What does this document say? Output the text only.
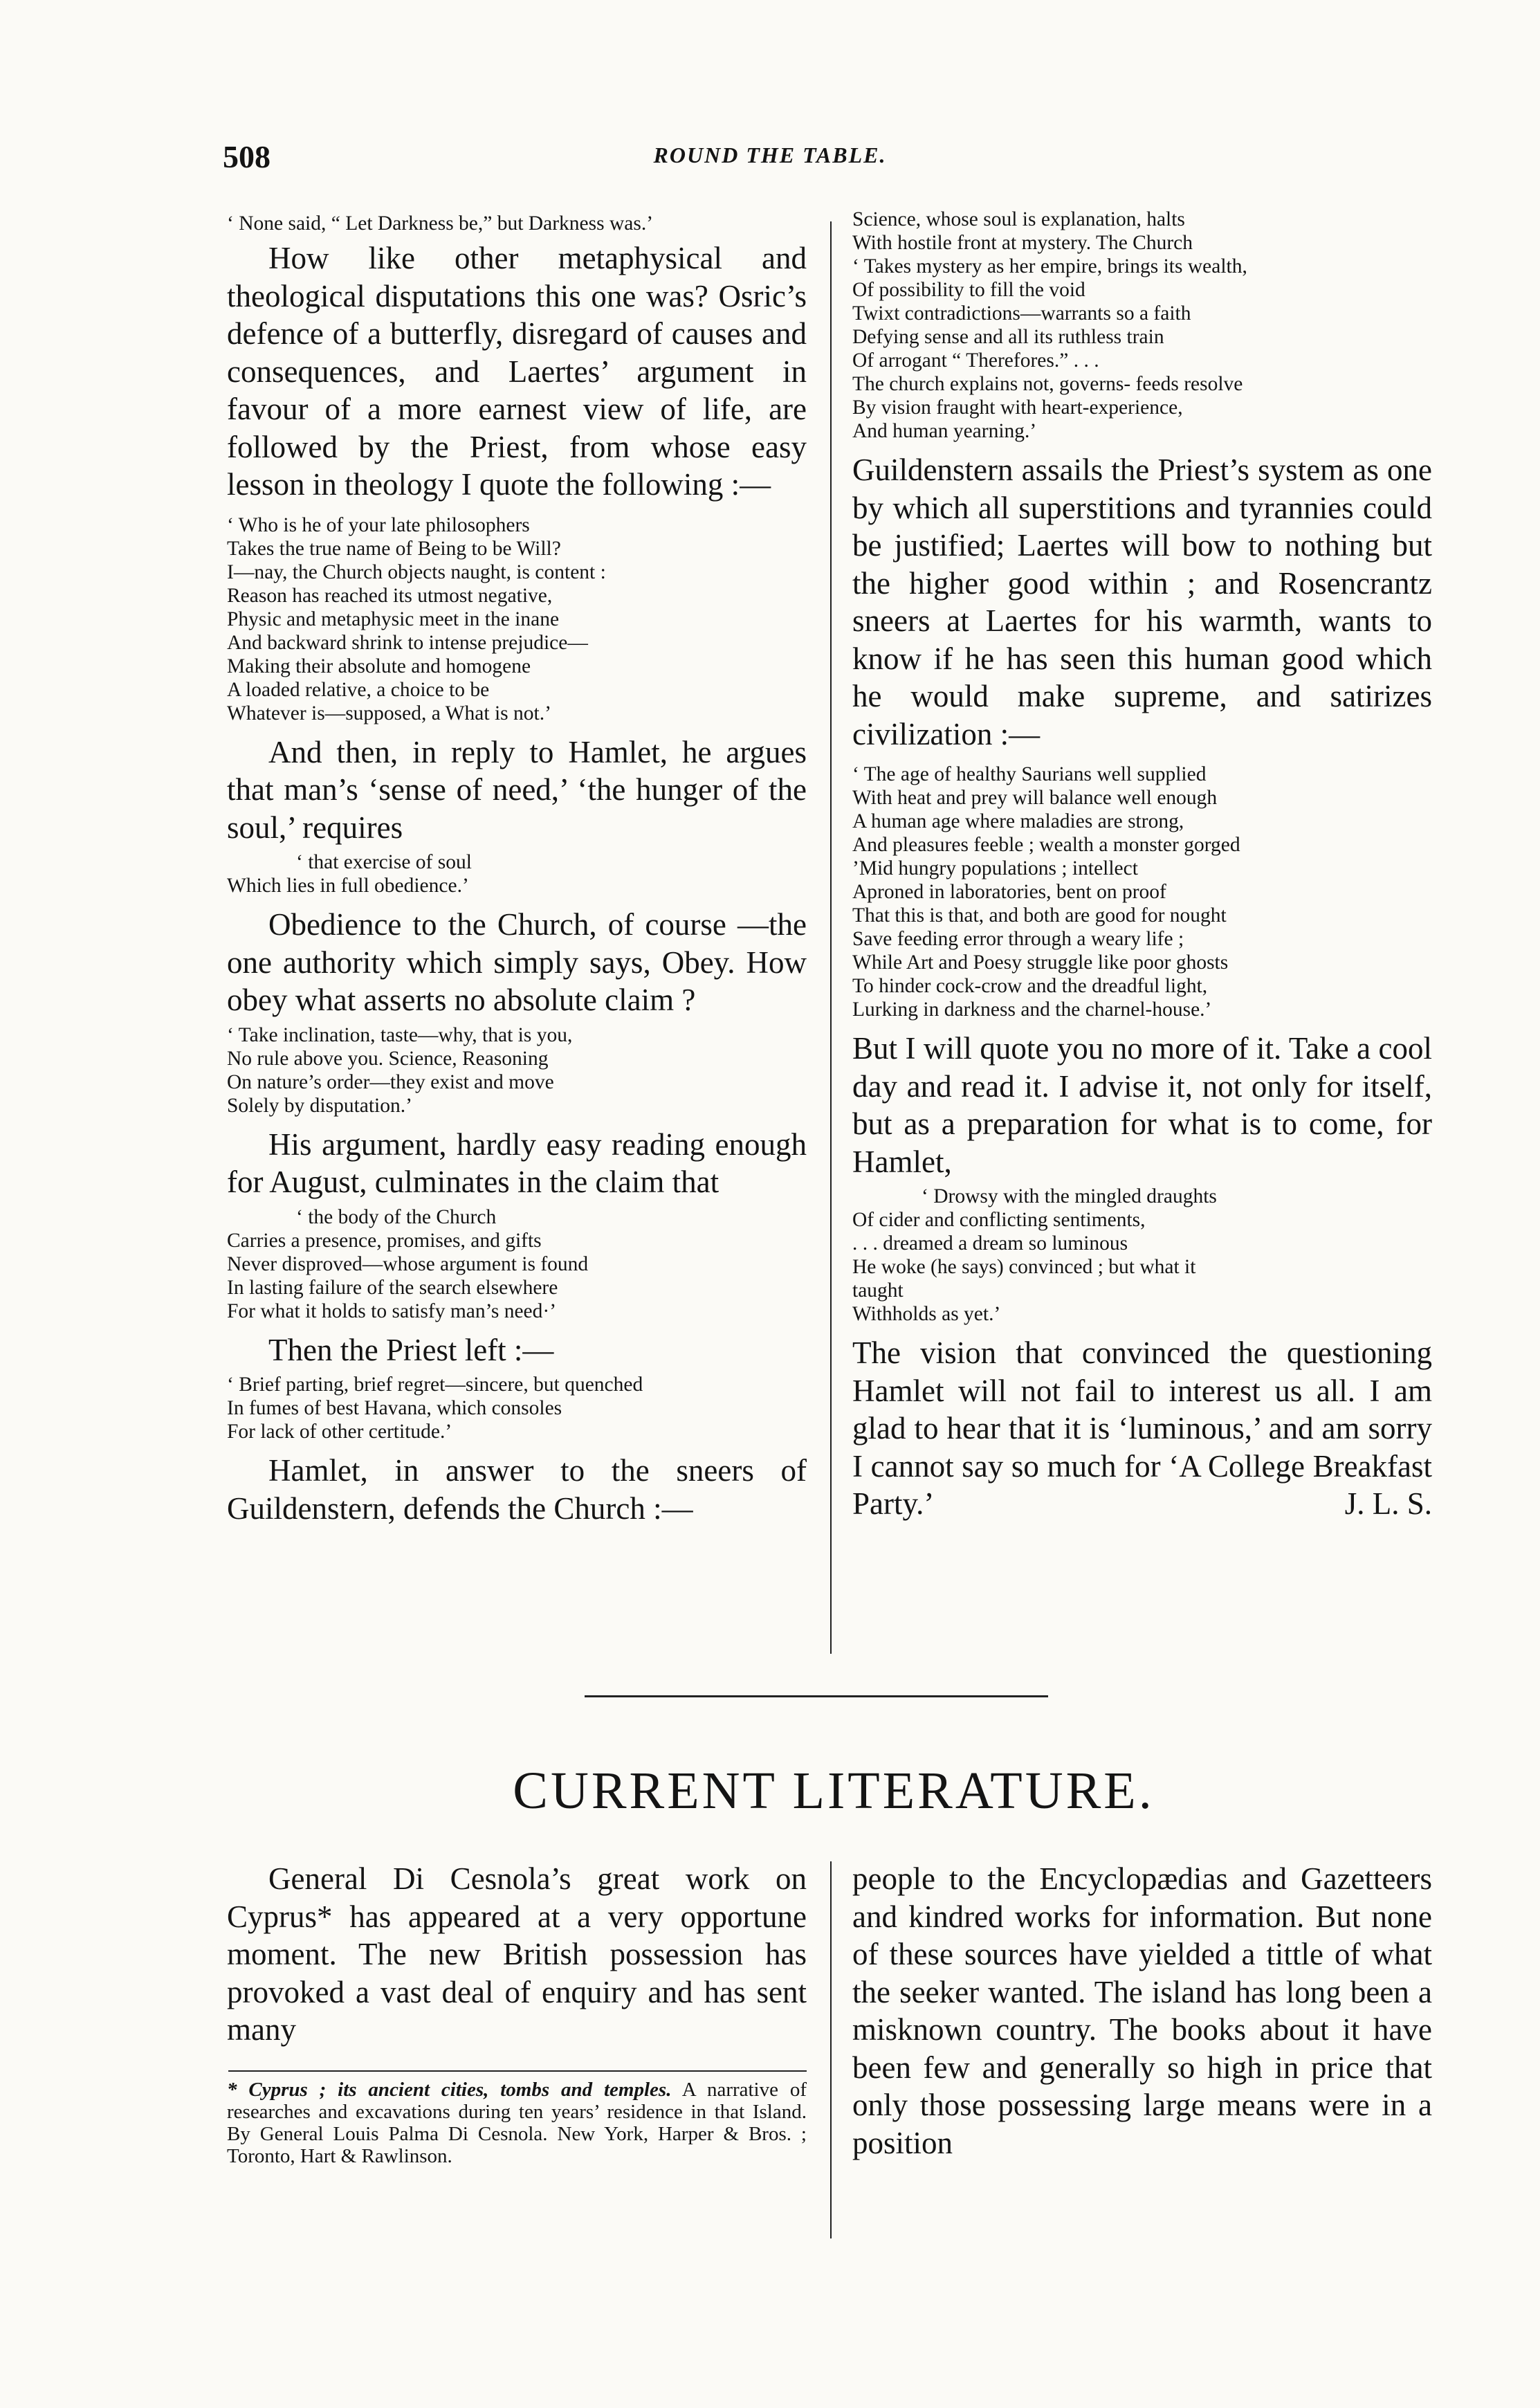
508	ROUND THE TABLE.
‘ None said, “ Let Darkness be,” but Darkness was.’

How like other metaphysical and theological disputations this one was? Osric’s defence of a butterfly, disregard of causes and consequences, and Laertes’ argument in favour of a more earnest view of life, are followed by the Priest, from whose easy lesson in theology I quote the following :—

‘ Who is he of your late philosophers
Takes the true name of Being to be Will?
I—nay, the Church objects naught, is content :
Reason has reached its utmost negative,
Physic and metaphysic meet in the inane
And backward shrink to intense prejudice—
Making their absolute and homogene
A loaded relative, a choice to be
Whatever is—supposed, a What is not.’

And then, in reply to Hamlet, he argues that man’s ‘sense of need,’ ‘the hunger of the soul,’ requires

‘ that exercise of soul
Which lies in full obedience.’

Obedience to the Church, of course —the one authority which simply says, Obey. How obey what asserts no absolute claim ?

‘ Take inclination, taste—why, that is you,
No rule above you. Science, Reasoning
On nature’s order—they exist and move
Solely by disputation.’

His argument, hardly easy reading enough for August, culminates in the claim that

‘ the body of the Church
Carries a presence, promises, and gifts
Never disproved—whose argument is found
In lasting failure of the search elsewhere
For what it holds to satisfy man’s need·’

Then the Priest left :—

‘ Brief parting, brief regret—sincere, but quenched
In fumes of best Havana, which consoles
For lack of other certitude.’

Hamlet, in answer to the sneers of Guildenstern, defends the Church :—

Science, whose soul is explanation, halts
With hostile front at mystery. The Church
‘ Takes mystery as her empire, brings its wealth,
Of possibility to fill the void
Twixt contradictions—warrants so a faith
Defying sense and all its ruthless train
Of arrogant “ Therefores.” . . .
The church explains not, governs- feeds resolve
By vision fraught with heart-experience,
And human yearning.’

Guildenstern assails the Priest’s system as one by which all superstitions and tyrannies could be justified; Laertes will bow to nothing but the higher good within ; and Rosencrantz sneers at Laertes for his warmth, wants to know if he has seen this human good which he would make supreme, and satirizes civilization :—

‘ The age of healthy Saurians well supplied
With heat and prey will balance well enough
A human age where maladies are strong,
And pleasures feeble ; wealth a monster gorged
’Mid hungry populations ; intellect
Aproned in laboratories, bent on proof
That this is that, and both are good for nought
Save feeding error through a weary life ;
While Art and Poesy struggle like poor ghosts
To hinder cock-crow and the dreadful light,
Lurking in darkness and the charnel-house.’

But I will quote you no more of it. Take a cool day and read it. I advise it, not only for itself, but as a preparation for what is to come, for Hamlet,

‘ Drowsy with the mingled draughts
Of cider and conflicting sentiments,
. . . dreamed a dream so luminous
He woke (he says) convinced ; but what it
taught
Withholds as yet.’

The vision that convinced the questioning Hamlet will not fail to interest us all. I am glad to hear that it is ‘luminous,’ and am sorry I cannot say so much for ‘A College Breakfast Party.’	J. L. S.

CURRENT LITERATURE.

General Di Cesnola’s great work on Cyprus* has appeared at a very opportune moment. The new British possession has provoked a vast deal of enquiry and has sent many

* Cyprus ; its ancient cities, tombs and temples. A narrative of researches and excavations during ten years’ residence in that Island. By General Louis Palma Di Cesnola. New York, Harper & Bros. ; Toronto, Hart & Rawlinson.

people to the Encyclopædias and Gazetteers and kindred works for information. But none of these sources have yielded a tittle of what the seeker wanted. The island has long been a misknown country. The books about it have been few and generally so high in price that only those possessing large means were in a position
